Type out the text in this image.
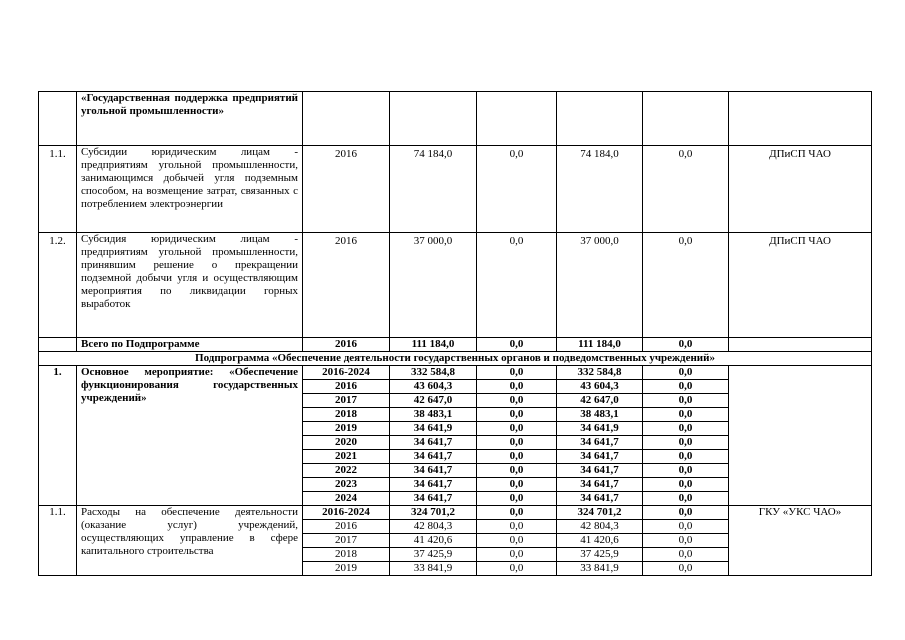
	«Государственная поддержка предприятий угольной промышленности»						
1.1.	Субсидии юридическим лицам - предприятиям угольной промышленности, занимающимся добычей угля подземным способом, на возмещение затрат, связанных с потреблением электроэнергии	2016	74 184,0	0,0	74 184,0	0,0	ДПиСП ЧАО
1.2.	Субсидия юридическим лицам - предприятиям угольной промышленности, принявшим решение о прекращении подземной добычи угля и осуществляющим мероприятия по ликвидации горных выработок	2016	37 000,0	0,0	37 000,0	0,0	ДПиСП ЧАО
	Всего по Подпрограмме	2016	111 184,0	0,0	111 184,0	0,0	
Подпрограмма «Обеспечение деятельности государственных органов и подведомственных учреждений»							
1.	Основное мероприятие: «Обеспечение функционирования государственных учреждений»	2016-2024	332 584,8	0,0	332 584,8	0,0	
		2016	43 604,3	0,0	43 604,3	0,0	
		2017	42 647,0	0,0	42 647,0	0,0	
		2018	38 483,1	0,0	38 483,1	0,0	
		2019	34 641,9	0,0	34 641,9	0,0	
		2020	34 641,7	0,0	34 641,7	0,0	
		2021	34 641,7	0,0	34 641,7	0,0	
		2022	34 641,7	0,0	34 641,7	0,0	
		2023	34 641,7	0,0	34 641,7	0,0	
		2024	34 641,7	0,0	34 641,7	0,0	
1.1.	Расходы на обеспечение деятельности (оказание услуг) учреждений, осуществляющих управление в сфере капитального строительства	2016-2024	324 701,2	0,0	324 701,2	0,0	ГКУ «УКС ЧАО»
		2016	42 804,3	0,0	42 804,3	0,0	
		2017	41 420,6	0,0	41 420,6	0,0	
		2018	37 425,9	0,0	37 425,9	0,0	
		2019	33 841,9	0,0	33 841,9	0,0	
